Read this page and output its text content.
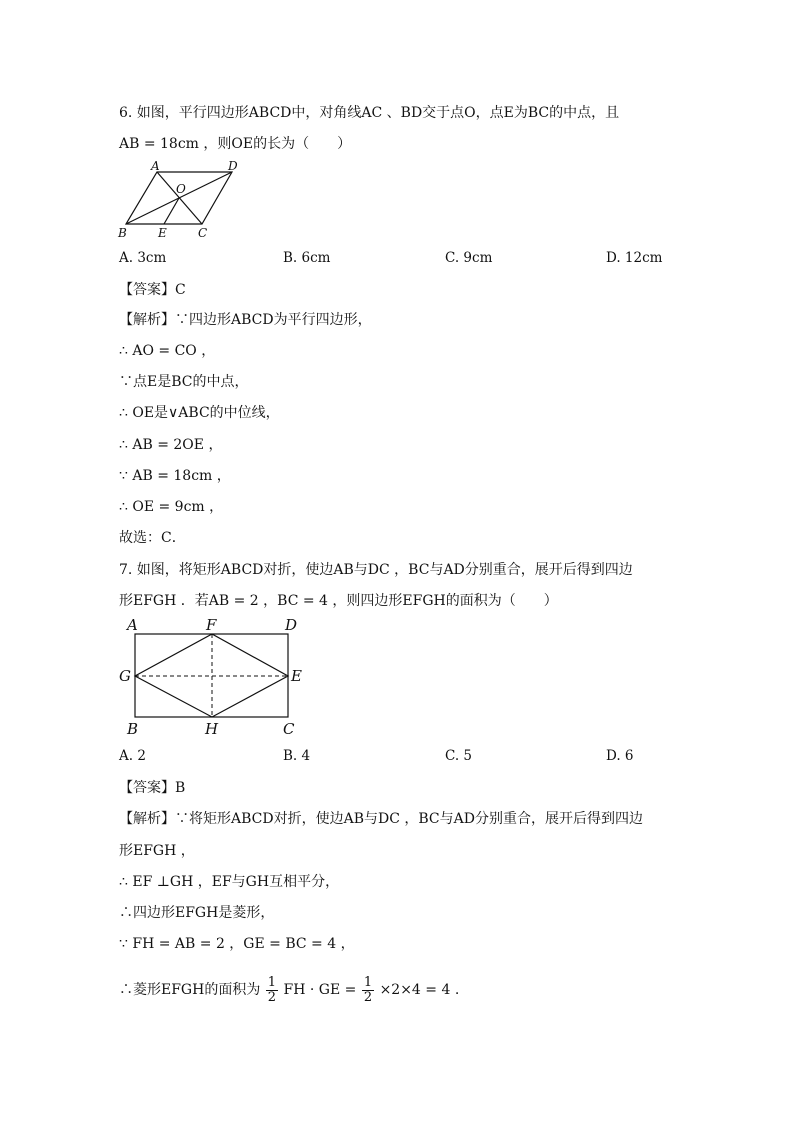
6. 如图，平行四边形ABCD中，对角线AC 、BD交于点O，点E为BC的中点，且
AB = 18cm ，则OE的长为（　　）
A	D
O
B	E	C
A. 3cm	B. 6cm	C. 9cm	D. 12cm
【答案】C
【解析】∵四边形ABCD为平行四边形，
∴ AO = CO ，
∵点E是BC的中点，
∴ OE是∨ABC的中位线，
∴ AB = 2OE ，
∵ AB = 18cm ，
∴ OE = 9cm ，
故选：C．
7. 如图，将矩形ABCD对折，使边AB与DC ，BC与AD分别重合，展开后得到四边
形EFGH ．若AB = 2 ，BC = 4 ，则四边形EFGH的面积为（　　）
A	F	D
G	E
B	H	C
A. 2	B. 4	C. 5	D. 6
【答案】B
【解析】∵将矩形ABCD对折，使边AB与DC ，BC与AD分别重合，展开后得到四边
形EFGH ，
∴ EF ⊥GH ，EF与GH互相平分，
∴四边形EFGH是菱形，
∵ FH = AB = 2 ，GE = BC = 4 ，
∴菱形EFGH的面积为 $\frac{1}{2}$ FH · GE = $\frac{1}{2} \times 2\times 4 = 4$ .
